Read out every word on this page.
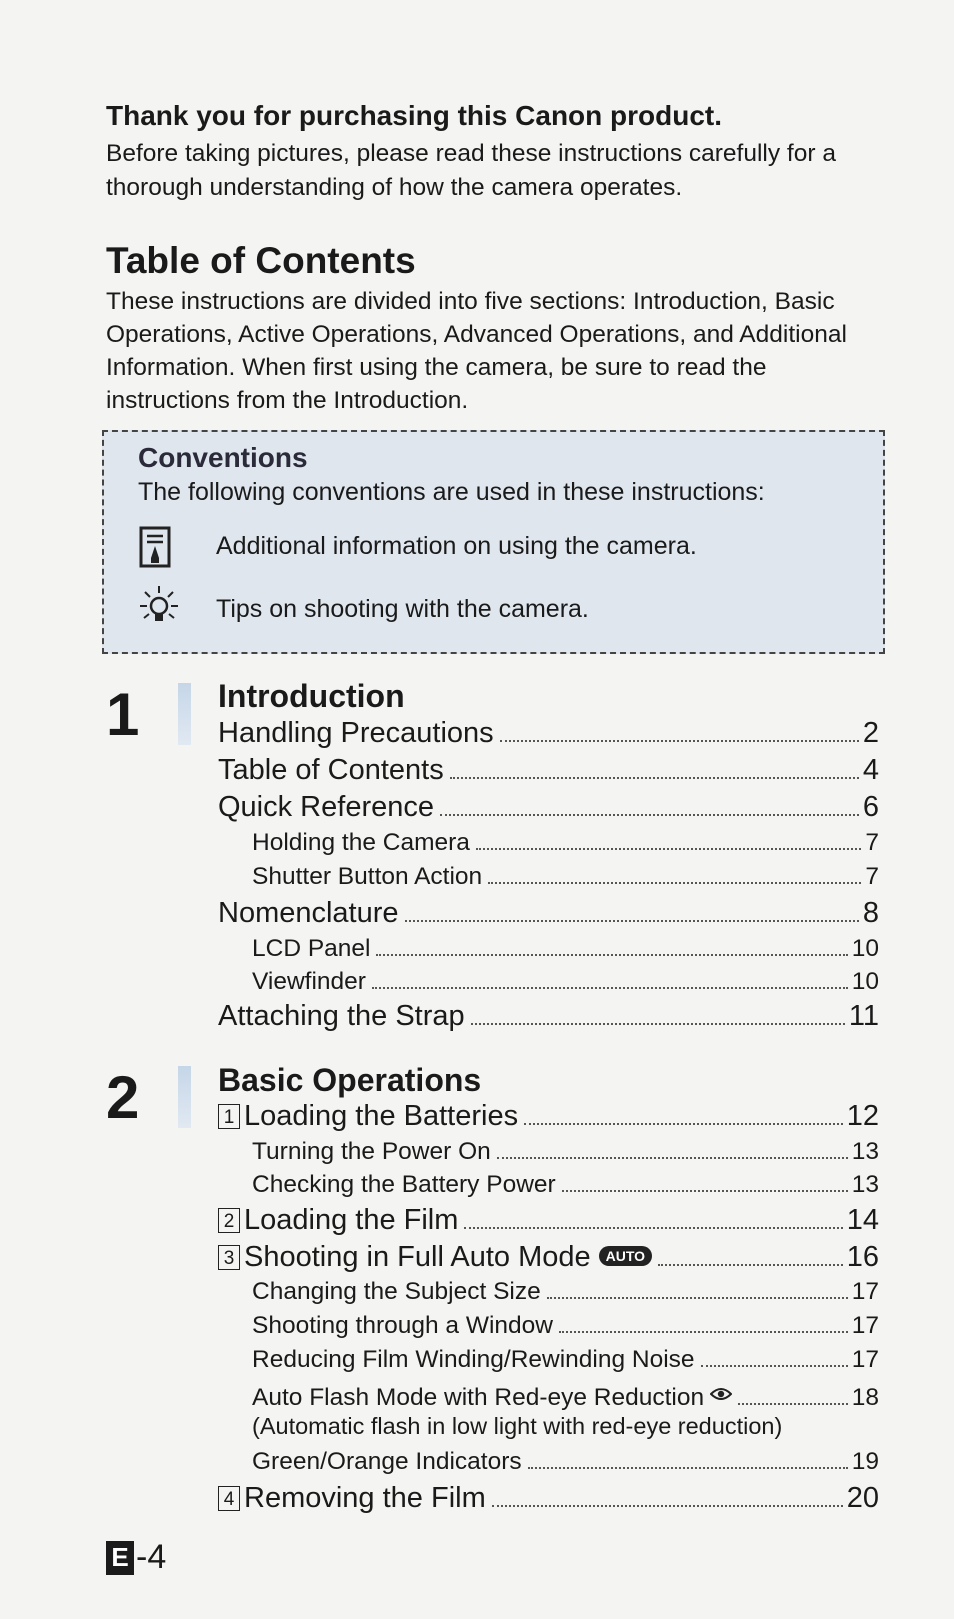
Thank you for purchasing this Canon product.
Before taking pictures, please read these instructions carefully for a thorough understanding of how the camera operates.
Table of Contents
These instructions are divided into five sections: Introduction, Basic Operations, Active Operations, Advanced Operations, and Additional Information. When first using the camera, be sure to read the instructions from the Introduction.
Conventions
The following conventions are used in these instructions:
Additional information on using the camera.
Tips on shooting with the camera.
1 Introduction
Handling Precautions	2
Table of Contents	4
Quick Reference	6
Holding the Camera	7
Shutter Button Action	7
Nomenclature	8
LCD Panel	10
Viewfinder	10
Attaching the Strap	11
2 Basic Operations
1 Loading the Batteries	12
Turning the Power On	13
Checking the Battery Power	13
2 Loading the Film	14
3 Shooting in Full Auto Mode AUTO	16
Changing the Subject Size	17
Shooting through a Window	17
Reducing Film Winding/Rewinding Noise	17
Auto Flash Mode with Red-eye Reduction	18
(Automatic flash in low light with red-eye reduction)
Green/Orange Indicators	19
4 Removing the Film	20
E -4
